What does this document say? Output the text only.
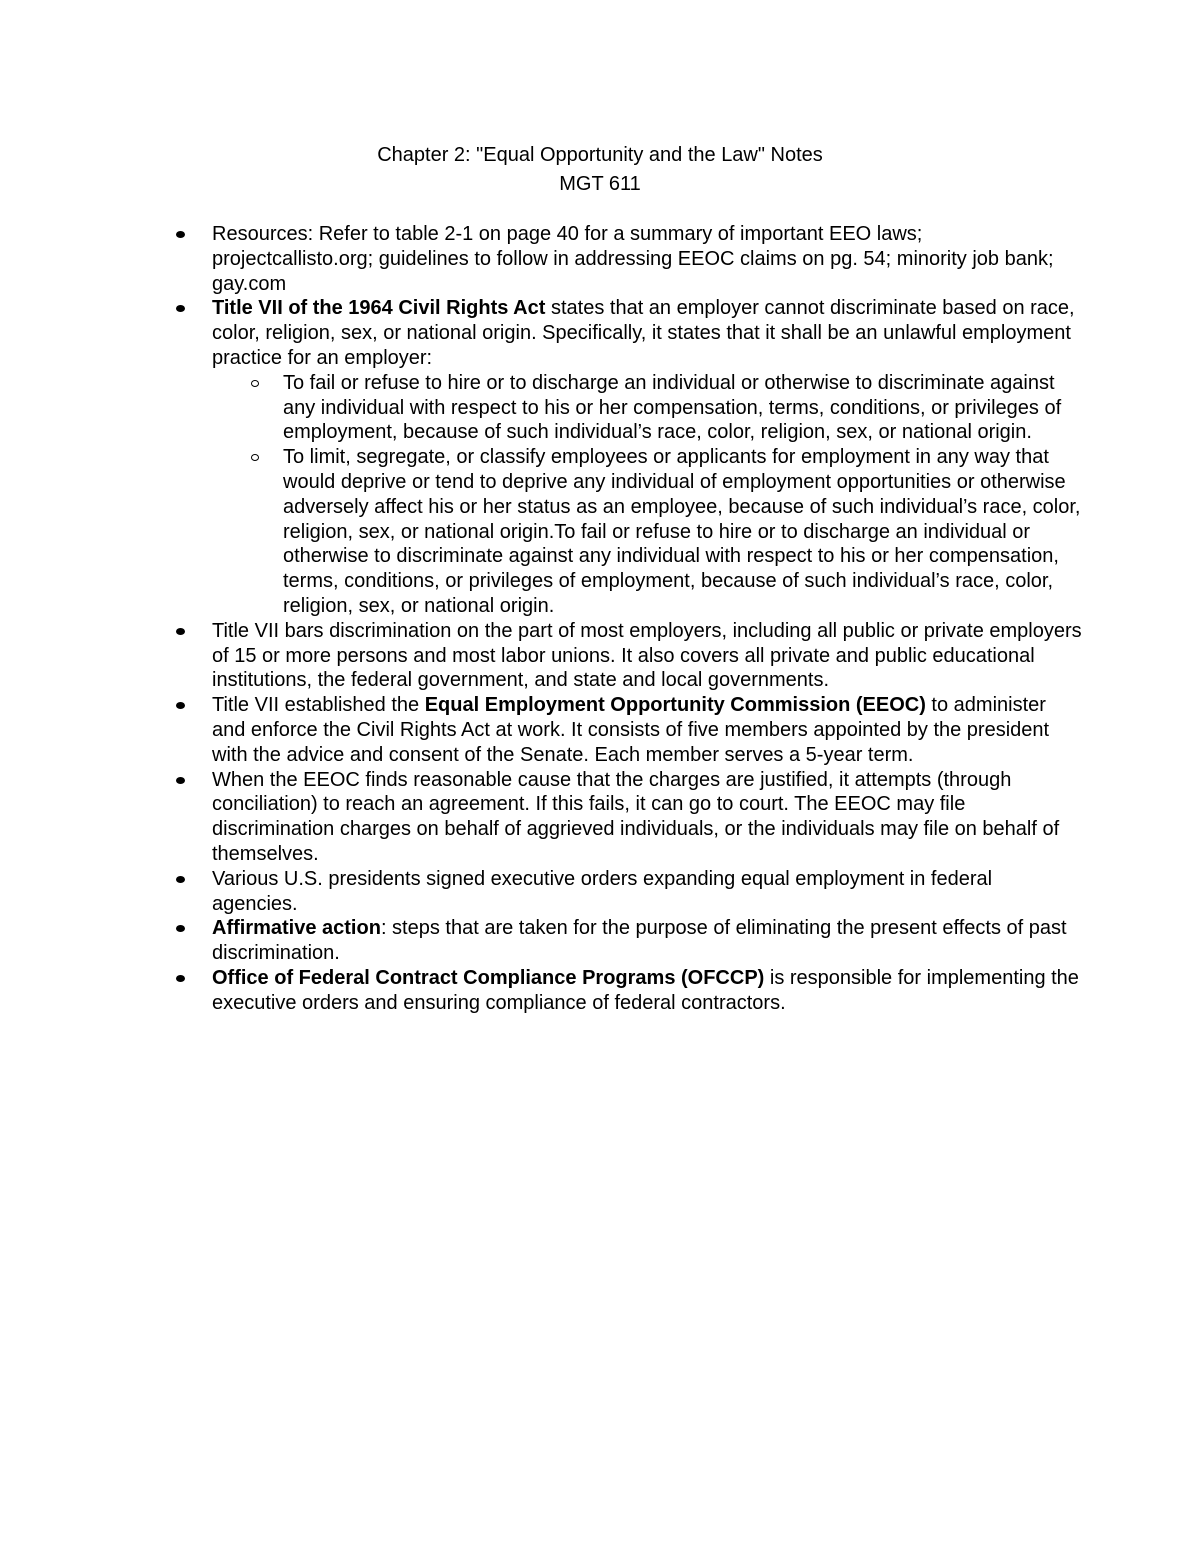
Chapter 2: "Equal Opportunity and the Law" Notes
MGT 611
Resources: Refer to table 2-1 on page 40 for a summary of important EEO laws; projectcallisto.org; guidelines to follow in addressing EEOC claims on pg. 54; minority job bank; gay.com
Title VII of the 1964 Civil Rights Act states that an employer cannot discriminate based on race, color, religion, sex, or national origin. Specifically, it states that it shall be an unlawful employment practice for an employer:
To fail or refuse to hire or to discharge an individual or otherwise to discriminate against any individual with respect to his or her compensation, terms, conditions, or privileges of employment, because of such individual’s race, color, religion, sex, or national origin.
To limit, segregate, or classify employees or applicants for employment in any way that would deprive or tend to deprive any individual of employment opportunities or otherwise adversely affect his or her status as an employee, because of such individual’s race, color, religion, sex, or national origin.To fail or refuse to hire or to discharge an individual or otherwise to discriminate against any individual with respect to his or her compensation, terms, conditions, or privileges of employment, because of such individual’s race, color, religion, sex, or national origin.
Title VII bars discrimination on the part of most employers, including all public or private employers of 15 or more persons and most labor unions. It also covers all private and public educational institutions, the federal government, and state and local governments.
Title VII established the Equal Employment Opportunity Commission (EEOC) to administer and enforce the Civil Rights Act at work. It consists of five members appointed by the president with the advice and consent of the Senate. Each member serves a 5-year term.
When the EEOC finds reasonable cause that the charges are justified, it attempts (through conciliation) to reach an agreement. If this fails, it can go to court. The EEOC may file discrimination charges on behalf of aggrieved individuals, or the individuals may file on behalf of themselves.
Various U.S. presidents signed executive orders expanding equal employment in federal agencies.
Affirmative action: steps that are taken for the purpose of eliminating the present effects of past discrimination.
Office of Federal Contract Compliance Programs (OFCCP) is responsible for implementing the executive orders and ensuring compliance of federal contractors.
